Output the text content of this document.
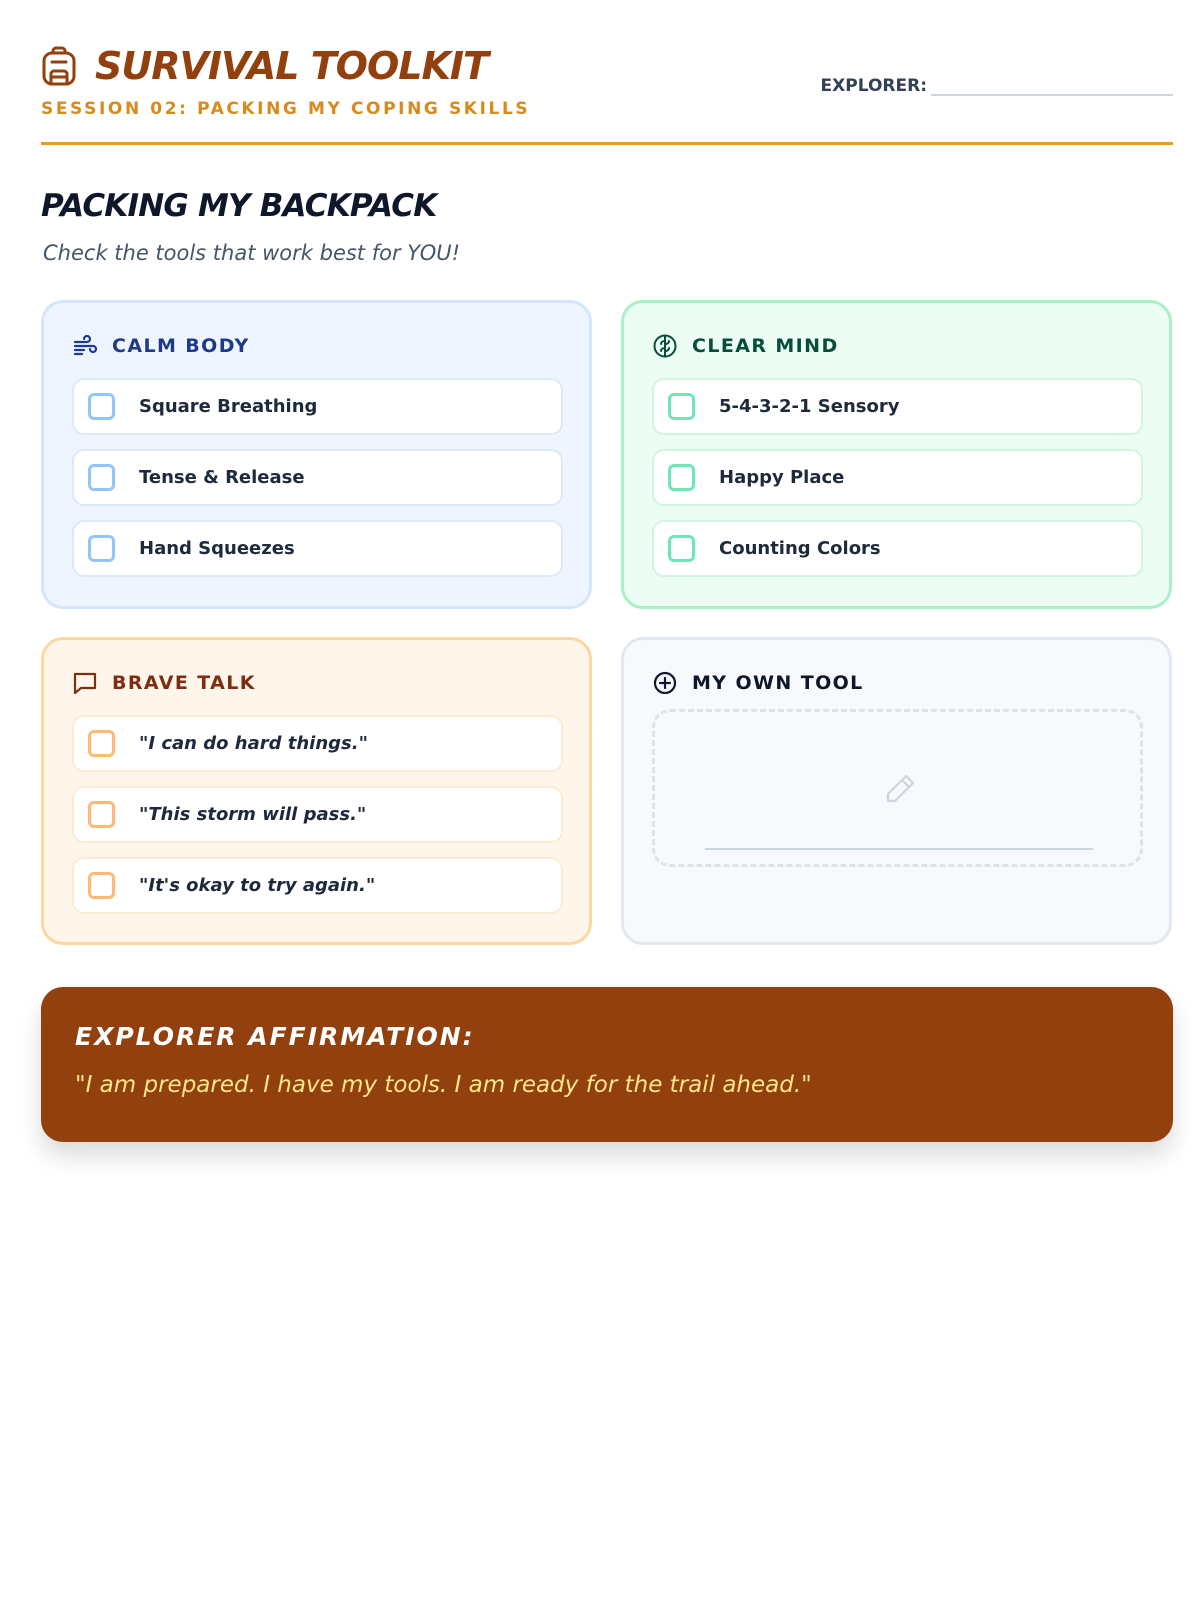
SURVIVAL TOOLKIT
SESSION 02: PACKING MY COPING SKILLS
EXPLORER:
PACKING MY BACKPACK
Check the tools that work best for YOU!
CALM BODY
Square Breathing
Tense & Release
Hand Squeezes
CLEAR MIND
5-4-3-2-1 Sensory
Happy Place
Counting Colors
BRAVE TALK
"I can do hard things."
"This storm will pass."
"It's okay to try again."
MY OWN TOOL
EXPLORER AFFIRMATION:
"I am prepared. I have my tools. I am ready for the trail ahead."
